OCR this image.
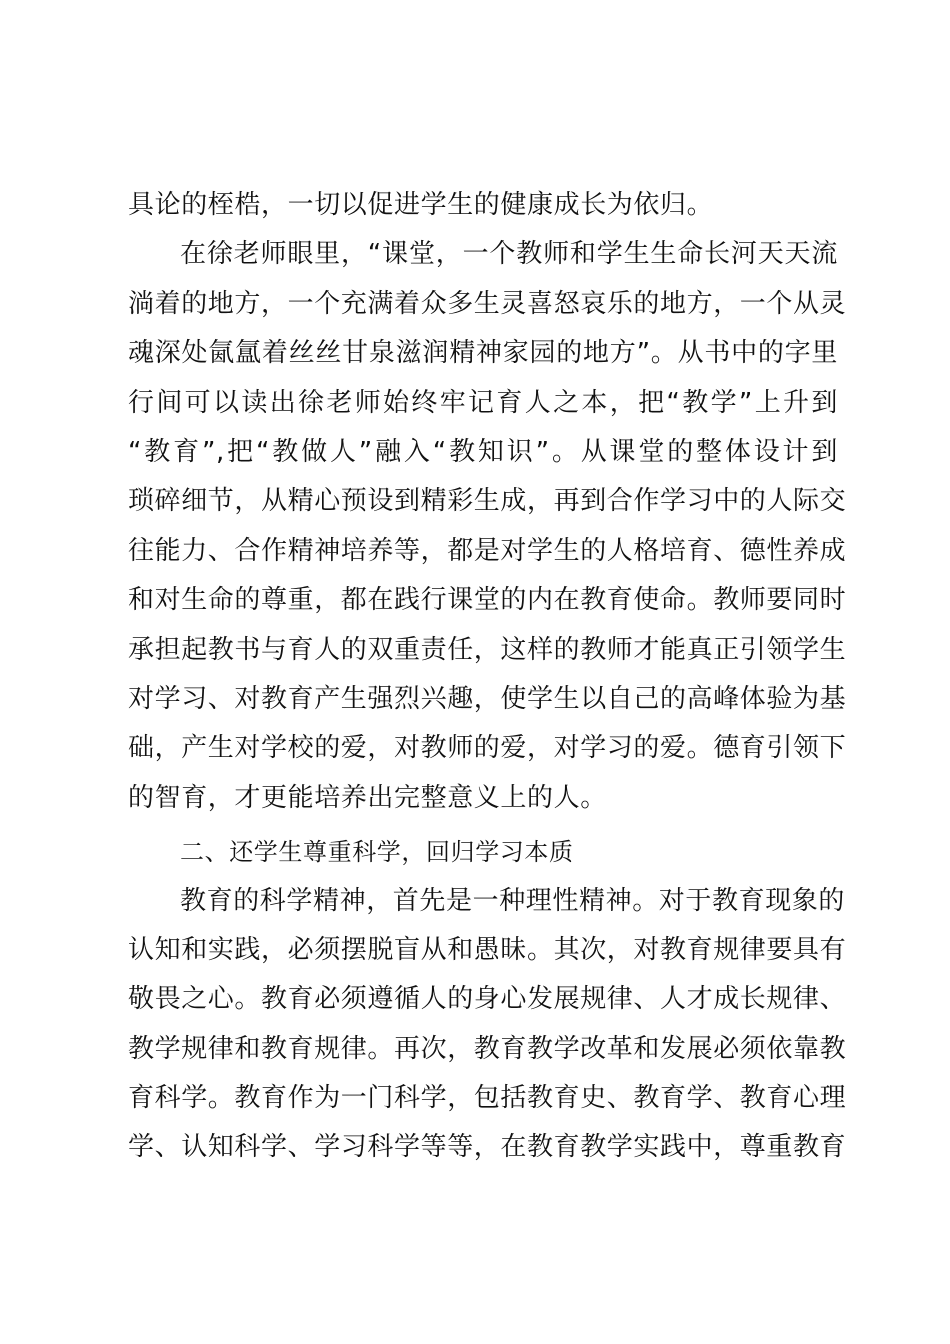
具论的桎梏，一切以促进学生的健康成长为依归。
在徐老师眼里，“课堂，一个教师和学生生命长河天天流
淌着的地方，一个充满着众多生灵喜怒哀乐的地方，一个从灵
魂深处氤氲着丝丝甘泉滋润精神家园的地方”。从书中的字里
行间可以读出徐老师始终牢记育人之本，把“教学”上升到
“教育”,把“教做人”融入“教知识”。从课堂的整体设计到
琐碎细节，从精心预设到精彩生成，再到合作学习中的人际交
往能力、合作精神培养等，都是对学生的人格培育、德性养成
和对生命的尊重，都在践行课堂的内在教育使命。教师要同时
承担起教书与育人的双重责任，这样的教师才能真正引领学生
对学习、对教育产生强烈兴趣，使学生以自己的高峰体验为基
础，产生对学校的爱，对教师的爱，对学习的爱。德育引领下
的智育，才更能培养出完整意义上的人。
二、还学生尊重科学，回归学习本质
教育的科学精神，首先是一种理性精神。对于教育现象的
认知和实践，必须摆脱盲从和愚昧。其次，对教育规律要具有
敬畏之心。教育必须遵循人的身心发展规律、人才成长规律、
教学规律和教育规律。再次，教育教学改革和发展必须依靠教
育科学。教育作为一门科学，包括教育史、教育学、教育心理
学、认知科学、学习科学等等，在教育教学实践中，尊重教育
